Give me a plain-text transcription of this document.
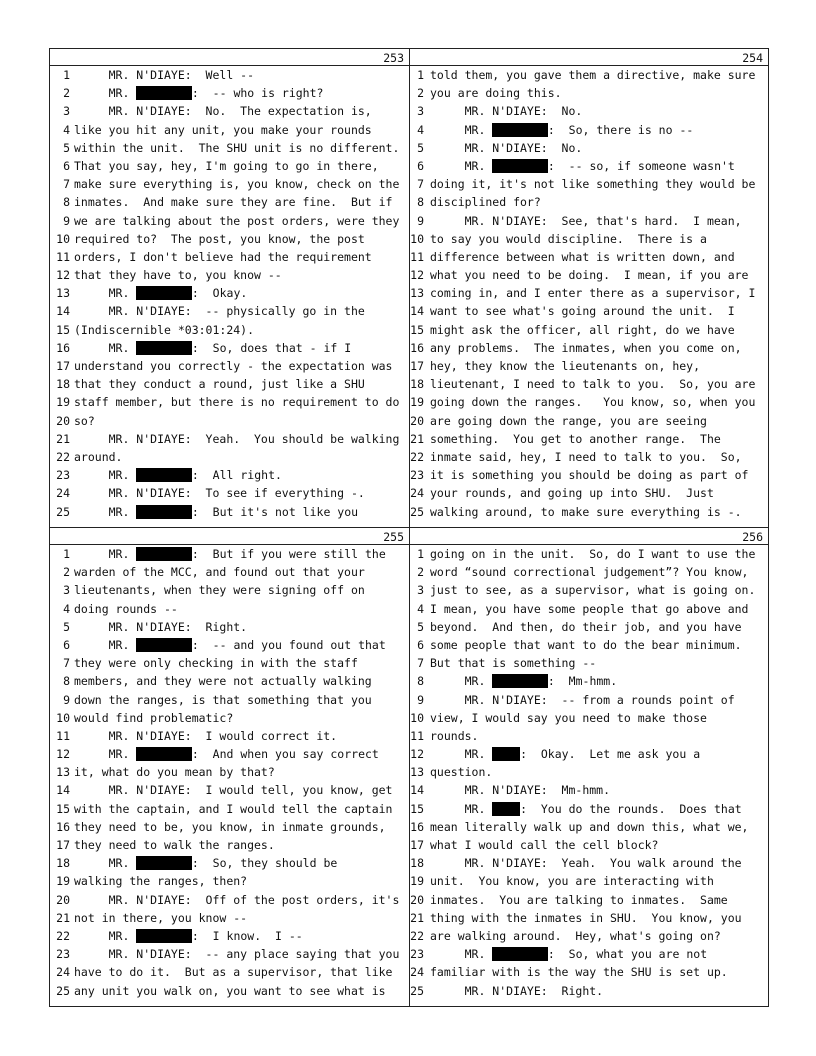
253
1 MR. N'DIAYE:  Well --
2 MR.	:  -- who is right?
3 MR. N'DIAYE:  No.  The expectation is,
4 like you hit any unit, you make your rounds
5 within the unit.  The SHU unit is no different.
6 That you say, hey, I'm going to go in there,
7 make sure everything is, you know, check on the
8 inmates.  And make sure they are fine.  But if
9 we are talking about the post orders, were they
10 required to?  The post, you know, the post
11 orders, I don't believe had the requirement
12 that they have to, you know --
13 MR.	:  Okay.
14 MR. N'DIAYE:  -- physically go in the
15 (Indiscernible *03:01:24).
16 MR.	:  So, does that - if I
17 understand you correctly - the expectation was
18 that they conduct a round, just like a SHU
19 staff member, but there is no requirement to do
20 so?
21 MR. N'DIAYE:  Yeah.  You should be walking
22 around.
23 MR.	:  All right.
24 MR. N'DIAYE:  To see if everything -.
25 MR.	:  But it's not like you
254
1 told them, you gave them a directive, make sure
2 you are doing this.
3 MR. N'DIAYE:  No.
4 MR.	:  So, there is no --
5 MR. N'DIAYE:  No.
6 MR.	:  -- so, if someone wasn't
7 doing it, it's not like something they would be
8 disciplined for?
9 MR. N'DIAYE:  See, that's hard.  I mean,
10 to say you would discipline.  There is a
11 difference between what is written down, and
12 what you need to be doing.  I mean, if you are
13 coming in, and I enter there as a supervisor, I
14 want to see what's going around the unit.  I
15 might ask the officer, all right, do we have
16 any problems.  The inmates, when you come on,
17 hey, they know the lieutenants on, hey,
18 lieutenant, I need to talk to you.  So, you are
19 going down the ranges.   You know, so, when you
20 are going down the range, you are seeing
21 something.  You get to another range.  The
22 inmate said, hey, I need to talk to you.  So,
23 it is something you should be doing as part of
24 your rounds, and going up into SHU.  Just
25 walking around, to make sure everything is -.
255
1 MR.	:  But if you were still the
2 warden of the MCC, and found out that your
3 lieutenants, when they were signing off on
4 doing rounds --
5 MR. N'DIAYE:  Right.
6 MR.	:  -- and you found out that
7 they were only checking in with the staff
8 members, and they were not actually walking
9 down the ranges, is that something that you
10 would find problematic?
11 MR. N'DIAYE:  I would correct it.
12 MR.	:  And when you say correct
13 it, what do you mean by that?
14 MR. N'DIAYE:  I would tell, you know, get
15 with the captain, and I would tell the captain
16 they need to be, you know, in inmate grounds,
17 they need to walk the ranges.
18 MR.	:  So, they should be
19 walking the ranges, then?
20 MR. N'DIAYE:  Off of the post orders, it's
21 not in there, you know --
22 MR.	:  I know.  I --
23 MR. N'DIAYE:  -- any place saying that you
24 have to do it.  But as a supervisor, that like
25 any unit you walk on, you want to see what is
256
1 going on in the unit.  So, do I want to use the
2 word “sound correctional judgement”? You know,
3 just to see, as a supervisor, what is going on.
4 I mean, you have some people that go above and
5 beyond.  And then, do their job, and you have
6 some people that want to do the bear minimum.
7 But that is something --
8 MR.	:  Mm-hmm.
9 MR. N'DIAYE:  -- from a rounds point of
10 view, I would say you need to make those
11 rounds.
12 MR. :  Okay.  Let me ask you a
13 question.
14 MR. N'DIAYE:  Mm-hmm.
15 MR. :  You do the rounds.  Does that
16 mean literally walk up and down this, what we,
17 what I would call the cell block?
18 MR. N'DIAYE:  Yeah.  You walk around the
19 unit.  You know, you are interacting with
20 inmates.  You are talking to inmates.  Same
21 thing with the inmates in SHU.  You know, you
22 are walking around.  Hey, what's going on?
23 MR.	:  So, what you are not
24 familiar with is the way the SHU is set up.
25 MR. N'DIAYE:  Right.
